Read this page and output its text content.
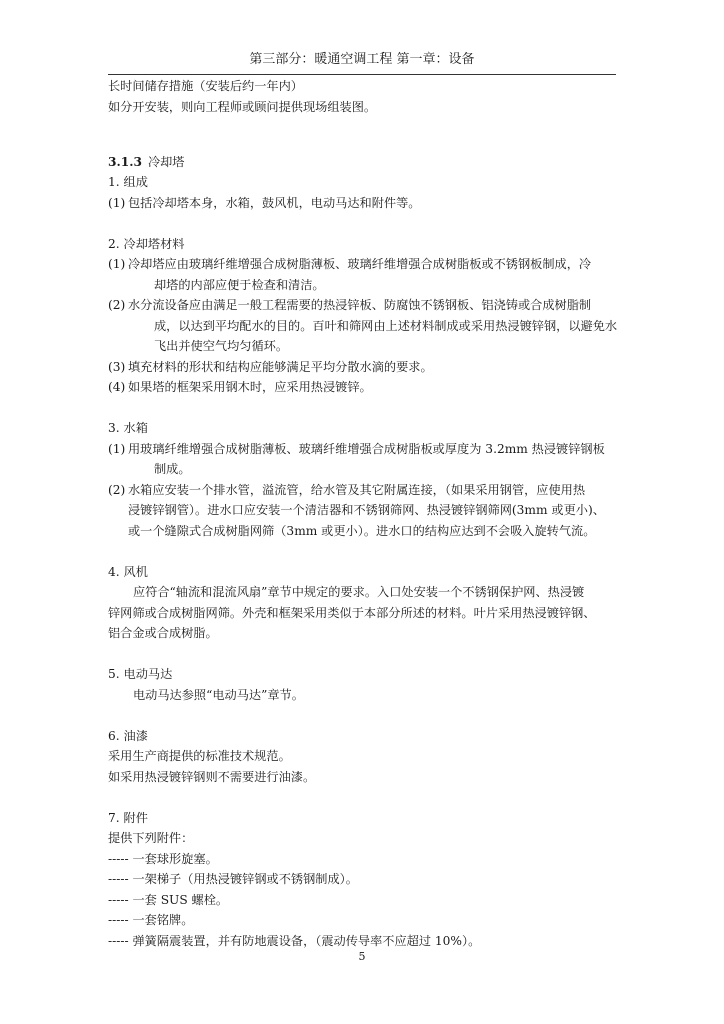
第三部分：暖通空调工程 第一章：设备
长时间储存措施（安装后约一年内）
如分开安装，则向工程师或顾问提供现场组装图。
3.1.3 冷却塔
1. 组成
(1) 包括冷却塔本身，水箱，鼓风机，电动马达和附件等。
2. 冷却塔材料
(1) 冷却塔应由玻璃纤维增强合成树脂薄板、玻璃纤维增强合成树脂板或不锈钢板制成，冷
却塔的内部应便于检查和清洁。
(2) 水分流设备应由满足一般工程需要的热浸锌板、防腐蚀不锈钢板、铝浇铸或合成树脂制
成，以达到平均配水的目的。百叶和筛网由上述材料制成或采用热浸镀锌钢，以避免水
飞出并使空气均匀循环。
(3) 填充材料的形状和结构应能够满足平均分散水滴的要求。
(4) 如果塔的框架采用钢木时，应采用热浸镀锌。
3. 水箱
(1) 用玻璃纤维增强合成树脂薄板、玻璃纤维增强合成树脂板或厚度为 3.2mm 热浸镀锌钢板
制成。
(2) 水箱应安装一个排水管，溢流管，给水管及其它附属连接，（如果采用钢管，应使用热
浸镀锌钢管）。进水口应安装一个清洁器和不锈钢筛网、热浸镀锌钢筛网(3mm 或更小)、
或一个缝隙式合成树脂网筛（3mm 或更小）。进水口的结构应达到不会吸入旋转气流。
4. 风机
应符合“轴流和混流风扇”章节中规定的要求。入口处安装一个不锈钢保护网、热浸镀
锌网筛或合成树脂网筛。外壳和框架采用类似于本部分所述的材料。叶片采用热浸镀锌钢、
铝合金或合成树脂。
5. 电动马达
电动马达参照“电动马达”章节。
6. 油漆
采用生产商提供的标准技术规范。
如采用热浸镀锌钢则不需要进行油漆。
7. 附件
提供下列附件：
----- 一套球形旋塞。
----- 一架梯子（用热浸镀锌钢或不锈钢制成）。
----- 一套 SUS 螺栓。
----- 一套铭牌。
----- 弹簧隔震装置，并有防地震设备，（震动传导率不应超过 10%）。
5
